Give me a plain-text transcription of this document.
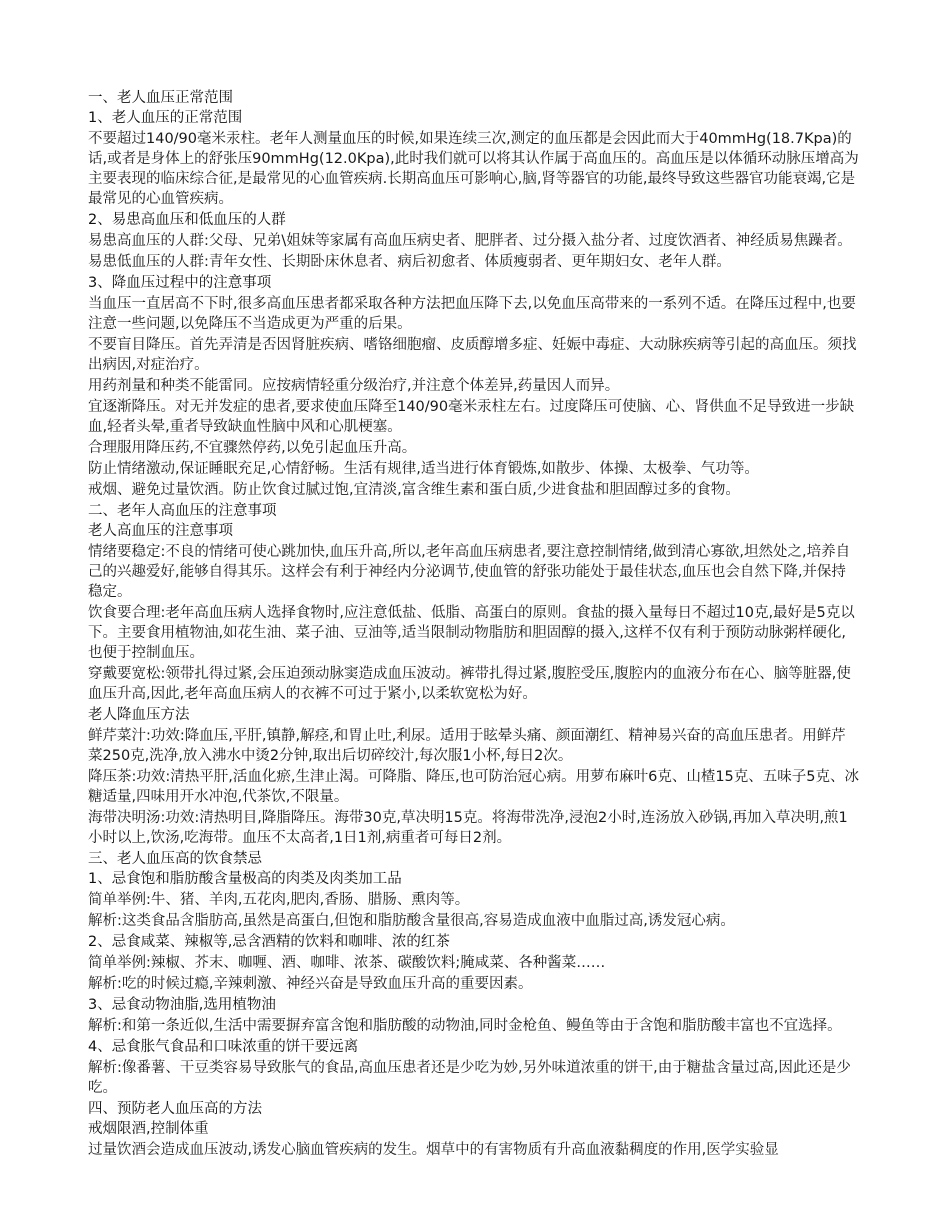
一、老人血压正常范围

1、老人血压的正常范围

不要超过140/90毫米汞柱。老年人测量血压的时候,如果连续三次,测定的血压都是会因此而大于40mmHg(18.7Kpa)的话,或者是身体上的舒张压90mmHg(12.0Kpa),此时我们就可以将其认作属于高血压的。高血压是以体循环动脉压增高为主要表现的临床综合征,是最常见的心血管疾病.长期高血压可影响心,脑,肾等器官的功能,最终导致这些器官功能衰竭,它是最常见的心血管疾病。

2、易患高血压和低血压的人群

易患高血压的人群:父母、兄弟\姐妹等家属有高血压病史者、肥胖者、过分摄入盐分者、过度饮酒者、神经质易焦躁者。

易患低血压的人群:青年女性、长期卧床休息者、病后初愈者、体质瘦弱者、更年期妇女、老年人群。

3、降血压过程中的注意事项

当血压一直居高不下时,很多高血压患者都采取各种方法把血压降下去,以免血压高带来的一系列不适。在降压过程中,也要注意一些问题,以免降压不当造成更为严重的后果。

不要盲目降压。首先弄清是否因肾脏疾病、嗜铬细胞瘤、皮质醇增多症、妊娠中毒症、大动脉疾病等引起的高血压。须找出病因,对症治疗。

用药剂量和种类不能雷同。应按病情轻重分级治疗,并注意个体差异,药量因人而异。

宜逐渐降压。对无并发症的患者,要求使血压降至140/90毫米汞柱左右。过度降压可使脑、心、肾供血不足导致进一步缺血,轻者头晕,重者导致缺血性脑中风和心肌梗塞。

合理服用降压药,不宜骤然停药,以免引起血压升高。

防止情绪激动,保证睡眠充足,心情舒畅。生活有规律,适当进行体育锻炼,如散步、体操、太极拳、气功等。

戒烟、避免过量饮酒。防止饮食过腻过饱,宜清淡,富含维生素和蛋白质,少进食盐和胆固醇过多的食物。

二、老年人高血压的注意事项

老人高血压的注意事项

情绪要稳定:不良的情绪可使心跳加快,血压升高,所以,老年高血压病患者,要注意控制情绪,做到清心寡欲,坦然处之,培养自己的兴趣爱好,能够自得其乐。这样会有利于神经内分泌调节,使血管的舒张功能处于最佳状态,血压也会自然下降,并保持稳定。

饮食要合理:老年高血压病人选择食物时,应注意低盐、低脂、高蛋白的原则。食盐的摄入量每日不超过10克,最好是5克以下。主要食用植物油,如花生油、菜子油、豆油等,适当限制动物脂肪和胆固醇的摄入,这样不仅有利于预防动脉粥样硬化,也便于控制血压。

穿戴要宽松:领带扎得过紧,会压迫颈动脉窦造成血压波动。裤带扎得过紧,腹腔受压,腹腔内的血液分布在心、脑等脏器,使血压升高,因此,老年高血压病人的衣裤不可过于紧小,以柔软宽松为好。

老人降血压方法

鲜芹菜汁:功效:降血压,平肝,镇静,解痉,和胃止吐,利尿。适用于眩晕头痛、颜面潮红、精神易兴奋的高血压患者。用鲜芹菜250克,洗净,放入沸水中烫2分钟,取出后切碎绞汁,每次服1小杯,每日2次。

降压茶:功效:清热平肝,活血化瘀,生津止渴。可降脂、降压,也可防治冠心病。用萝布麻叶6克、山楂15克、五味子5克、冰糖适量,四味用开水冲泡,代茶饮,不限量。

海带决明汤:功效:清热明目,降脂降压。海带30克,草决明15克。将海带洗净,浸泡2小时,连汤放入砂锅,再加入草决明,煎1小时以上,饮汤,吃海带。血压不太高者,1日1剂,病重者可每日2剂。

三、老人血压高的饮食禁忌

1、忌食饱和脂肪酸含量极高的肉类及肉类加工品

简单举例:牛、猪、羊肉,五花肉,肥肉,香肠、腊肠、熏肉等。

解析:这类食品含脂肪高,虽然是高蛋白,但饱和脂肪酸含量很高,容易造成血液中血脂过高,诱发冠心病。

2、忌食咸菜、辣椒等,忌含酒精的饮料和咖啡、浓的红茶

简单举例:辣椒、芥末、咖喱、酒、咖啡、浓茶、碳酸饮料;腌咸菜、各种酱菜……

解析:吃的时候过瘾,辛辣刺激、神经兴奋是导致血压升高的重要因素。

3、忌食动物油脂,选用植物油

解析:和第一条近似,生活中需要摒弃富含饱和脂肪酸的动物油,同时金枪鱼、鳗鱼等由于含饱和脂肪酸丰富也不宜选择。

4、忌食胀气食品和口味浓重的饼干要远离

解析:像番薯、干豆类容易导致胀气的食品,高血压患者还是少吃为妙,另外味道浓重的饼干,由于糖盐含量过高,因此还是少吃。

四、预防老人血压高的方法

戒烟限酒,控制体重

过量饮酒会造成血压波动,诱发心脑血管疾病的发生。烟草中的有害物质有升高血液黏稠度的作用,医学实验显
